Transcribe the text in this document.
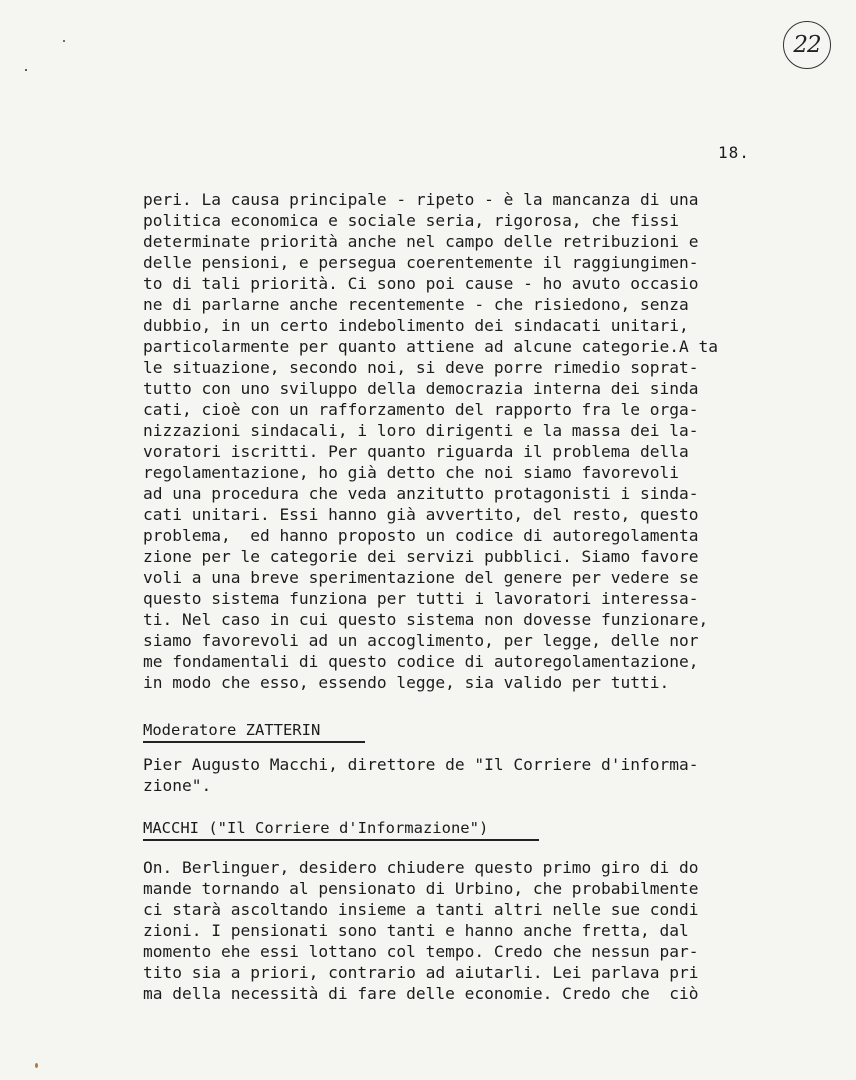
22
18.
peri. La causa principale - ripeto - è la mancanza di una
politica economica e sociale seria, rigorosa, che fissi
determinate priorità anche nel campo delle retribuzioni e
delle pensioni, e persegua coerentemente il raggiungimen-
to di tali priorità. Ci sono poi cause - ho avuto occasio
ne di parlarne anche recentemente - che risiedono, senza
dubbio, in un certo indebolimento dei sindacati unitari,
particolarmente per quanto attiene ad alcune categorie.A ta
le situazione, secondo noi, si deve porre rimedio soprat-
tutto con uno sviluppo della democrazia interna dei sinda
cati, cioè con un rafforzamento del rapporto fra le orga-
nizzazioni sindacali, i loro dirigenti e la massa dei la-
voratori iscritti. Per quanto riguarda il problema della
regolamentazione, ho già detto che noi siamo favorevoli
ad una procedura che veda anzitutto protagonisti i sinda-
cati unitari. Essi hanno già avvertito, del resto, questo
problema,  ed hanno proposto un codice di autoregolamenta
zione per le categorie dei servizi pubblici. Siamo favore
voli a una breve sperimentazione del genere per vedere se
questo sistema funziona per tutti i lavoratori interessa-
ti. Nel caso in cui questo sistema non dovesse funzionare,
siamo favorevoli ad un accoglimento, per legge, delle nor
me fondamentali di questo codice di autoregolamentazione,
in modo che esso, essendo legge, sia valido per tutti.
Moderatore ZATTERIN
Pier Augusto Macchi, direttore de "Il Corriere d'informa-
zione".
MACCHI ("Il Corriere d'Informazione")
On. Berlinguer, desidero chiudere questo primo giro di do
mande tornando al pensionato di Urbino, che probabilmente
ci starà ascoltando insieme a tanti altri nelle sue condi
zioni. I pensionati sono tanti e hanno anche fretta, dal
momento ehe essi lottano col tempo. Credo che nessun par-
tito sia a priori, contrario ad aiutarli. Lei parlava pri
ma della necessità di fare delle economie. Credo che  ciò
